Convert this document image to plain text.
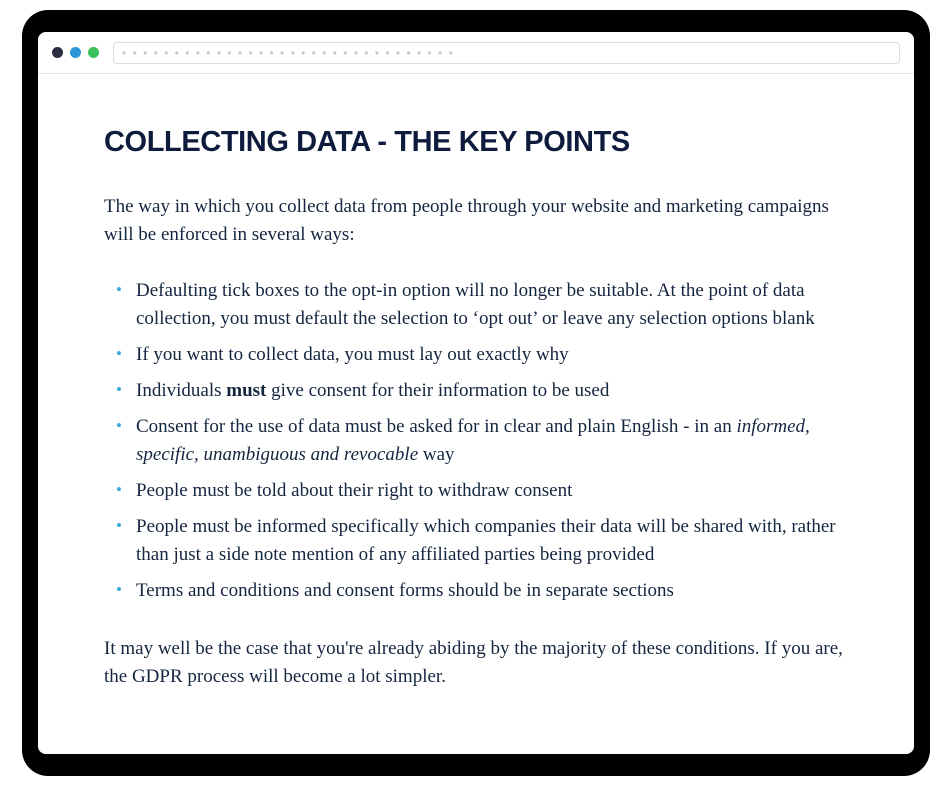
• • • • • • • • • • • • • • • • • • • • • • • • • • • • • • • •
COLLECTING DATA - THE KEY POINTS

The way in which you collect data from people through your website and marketing campaigns will be enforced in several ways:

• Defaulting tick boxes to the opt-in option will no longer be suitable. At the point of data collection, you must default the selection to ‘opt out’ or leave any selection options blank
• If you want to collect data, you must lay out exactly why
• Individuals must give consent for their information to be used
• Consent for the use of data must be asked for in clear and plain English - in an informed, specific, unambiguous and revocable way
• People must be told about their right to withdraw consent
• People must be informed specifically which companies their data will be shared with, rather than just a side note mention of any affiliated parties being provided
• Terms and conditions and consent forms should be in separate sections

It may well be the case that you're already abiding by the majority of these conditions. If you are, the GDPR process will become a lot simpler.
